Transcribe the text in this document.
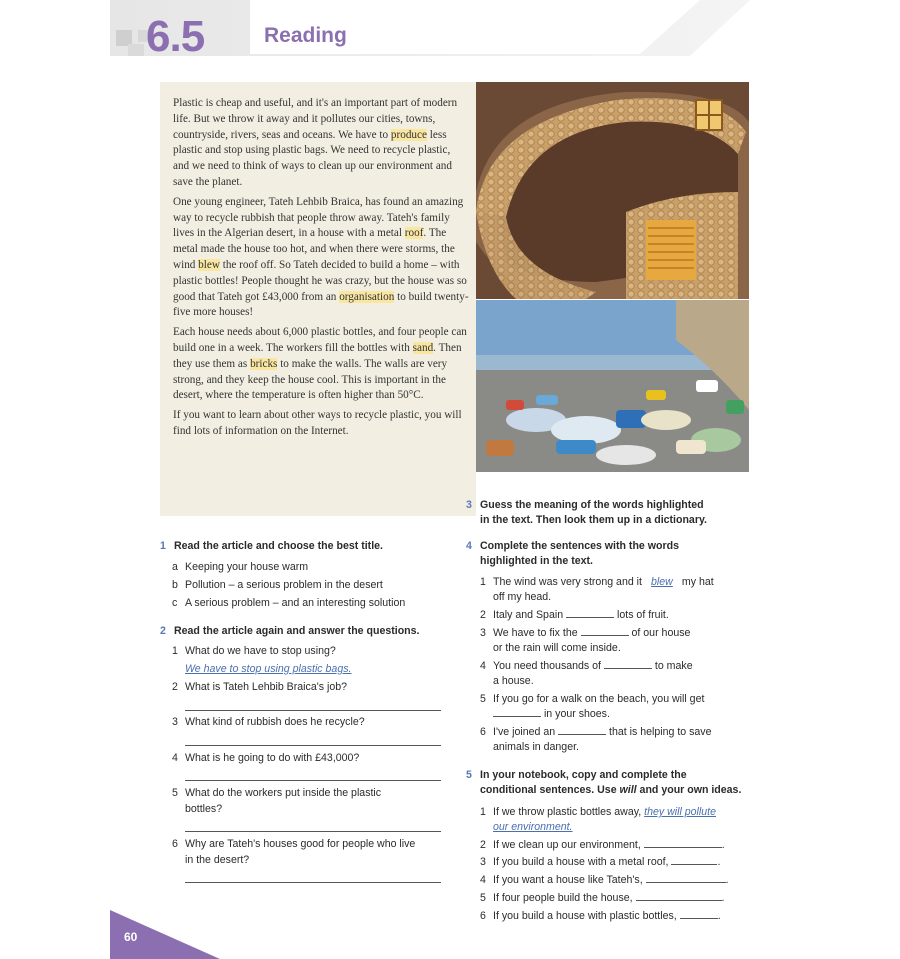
6.5	Reading

Plastic is cheap and useful, and it's an important part of modern life. But we throw it away and it pollutes our cities, towns, countryside, rivers, seas and oceans. We have to produce less plastic and stop using plastic bags. We need to recycle plastic, and we need to think of ways to clean up our environment and save the planet.

One young engineer, Tateh Lehbib Braica, has found an amazing way to recycle rubbish that people throw away. Tateh's family lives in the Algerian desert, in a house with a metal roof. The metal made the house too hot, and when there were storms, the wind blew the roof off. So Tateh decided to build a home – with plastic bottles! People thought he was crazy, but the house was so good that Tateh got £43,000 from an organisation to build twenty-five more houses!

Each house needs about 6,000 plastic bottles, and four people can build one in a week. The workers fill the bottles with sand. Then they use them as bricks to make the walls. The walls are very strong, and they keep the house cool. This is important in the desert, where the temperature is often higher than 50°C.

If you want to learn about other ways to recycle plastic, you will find lots of information on the Internet.

1 Read the article and choose the best title.
a Keeping your house warm
b Pollution – a serious problem in the desert
c A serious problem – and an interesting solution
2 Read the article again and answer the questions.
1 What do we have to stop using?
We have to stop using plastic bags.
2 What is Tateh Lehbib Braica's job?
3 What kind of rubbish does he recycle?
4 What is he going to do with £43,000?
5 What do the workers put inside the plastic
bottles?
6 Why are Tateh's houses good for people who live
in the desert?
3 Guess the meaning of the words highlighted
in the text. Then look them up in a dictionary.
4 Complete the sentences with the words
highlighted in the text.
1 The wind was very strong and it blew my hat
off my head.
2 Italy and Spain	lots of fruit.
3 We have to fix the	of our house
or the rain will come inside.
4 You need thousands of	to make
a house.
5 If you go for a walk on the beach, you will get
in your shoes.
6 I've joined an	that is helping to save
animals in danger.
5 In your notebook, copy and complete the
conditional sentences. Use will and your own ideas.
1 If we throw plastic bottles away, they will pollute
our environment.
2 If we clean up our environment,	.
3 If you build a house with a metal roof,	.
4 If you want a house like Tateh's,	.
5 If four people build the house,	.
6 If you build a house with plastic bottles,	.
60
